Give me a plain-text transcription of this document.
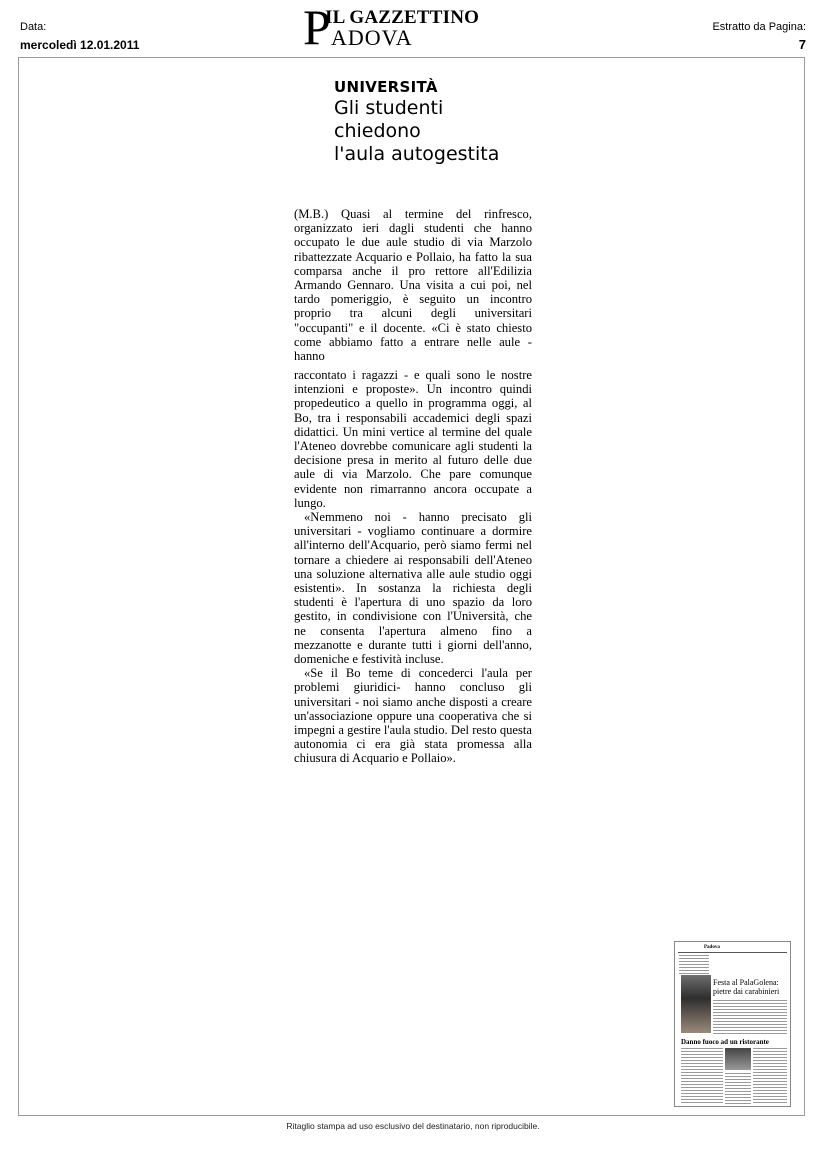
Data:
mercoledì 12.01.2011	P
IL GAZZETTINO
ADOVA	Estratto da Pagina:
7
UNIVERSITÀ
Gli studenti
chiedono
l'aula autogestita

(M.B.) Quasi al termine del rinfresco, organizzato ieri dagli studenti che hanno occupato le due aule studio di via Marzolo ribattezzate Acquario e Pollaio, ha fatto la sua comparsa anche il pro rettore all'Edilizia Armando Gennaro. Una visita a cui poi, nel tardo pomeriggio, è seguito un incontro proprio tra alcuni degli universitari "occupanti" e il docente. «Ci è stato chiesto come abbiamo fatto a entrare nelle aule - hanno

raccontato i ragazzi - e quali sono le nostre intenzioni e proposte». Un incontro quindi propedeutico a quello in programma oggi, al Bo, tra i responsabili accademici degli spazi didattici. Un mini vertice al termine del quale l'Ateneo dovrebbe comunicare agli studenti la decisione presa in merito al futuro delle due aule di via Marzolo. Che pare comunque evidente non rimarranno ancora occupate a lungo.

«Nemmeno noi - hanno precisato gli universitari - vogliamo continuare a dormire all'interno dell'Acquario, però siamo fermi nel tornare a chiedere ai responsabili dell'Ateneo una soluzione alternativa alle aule studio oggi esistenti». In sostanza la richiesta degli studenti è l'apertura di uno spazio da loro gestito, in condivisione con l'Università, che ne consenta l'apertura almeno fino a mezzanotte e durante tutti i giorni dell'anno, domeniche e festività incluse.

«Se il Bo teme di concederci l'aula per problemi giuridici- hanno concluso gli universitari - noi siamo anche disposti a creare un'associazione oppure una cooperativa che si impegni a gestire l'aula studio. Del resto questa autonomia ci era già stata promessa alla chiusura di Acquario e Pollaio».

Padova
Festa al PalaGolena: pietre dai carabinieri
Danno fuoco ad un ristorante
Ritaglio stampa ad uso esclusivo del destinatario, non riproducibile.
